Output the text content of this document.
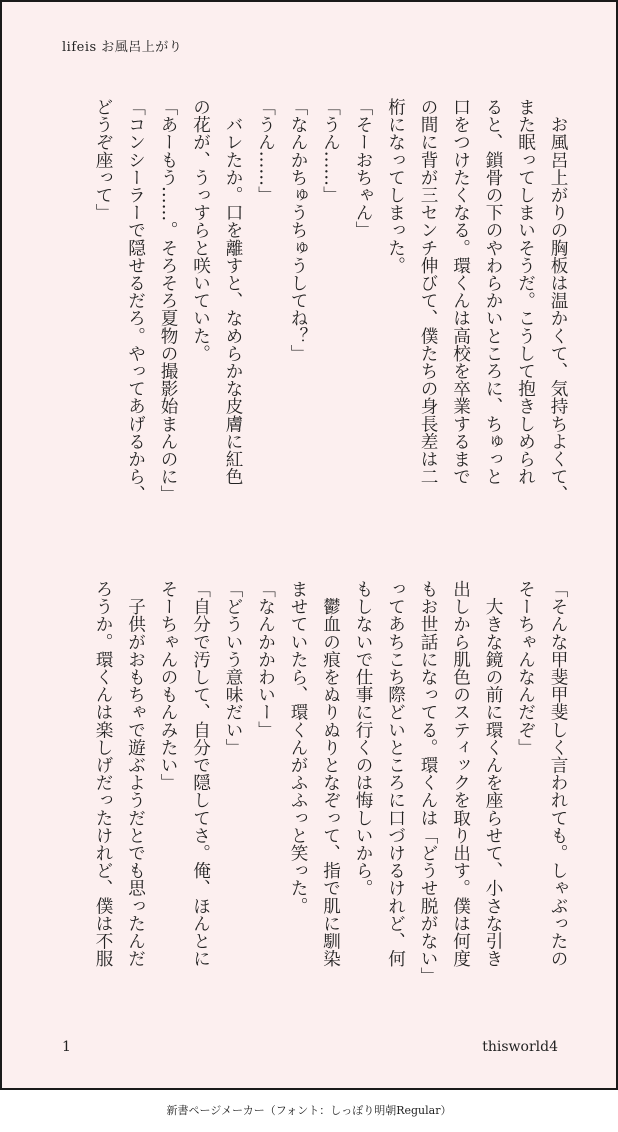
lifeis お風呂上がり

　お風呂上がりの胸板は温かくて、気持ちよくて、

また眠ってしまいそうだ。こうして抱きしめられ

ると、鎖骨の下のやわらかいところに、ちゅっと

口をつけたくなる。環くんは高校を卒業するまで

の間に背が三センチ伸びて、僕たちの身長差は二

桁になってしまった。

「そーおちゃん」

「うん……」

「なんかちゅうちゅうしてね？」

「うん……」

　バレたか。口を離すと、なめらかな皮膚に紅色

の花が、うっすらと咲いていた。

「あーもう……。そろそろ夏物の撮影始まんのに」

「コンシーラーで隠せるだろ。やってあげるから、

どうぞ座って」

「そんな甲斐甲斐しく言われても。しゃぶったの

そーちゃんなんだぞ」

　大きな鏡の前に環くんを座らせて、小さな引き

出しから肌色のスティックを取り出す。僕は何度

もお世話になってる。環くんは「どうせ脱がない」

ってあちこち際どいところに口づけるけれど、何

もしないで仕事に行くのは悔しいから。

　鬱血の痕をぬりぬりとなぞって、指で肌に馴染

ませていたら、環くんがふふっと笑った。

「なんかかわいー」

「どういう意味だい」

「自分で汚して、自分で隠してさ。俺、ほんとに

そーちゃんのもんみたい」

　子供がおもちゃで遊ぶようだとでも思ったんだ

ろうか。環くんは楽しげだったけれど、僕は不服

1	thisworld4
新書ページメーカー（フォント：しっぽり明朝Regular）
